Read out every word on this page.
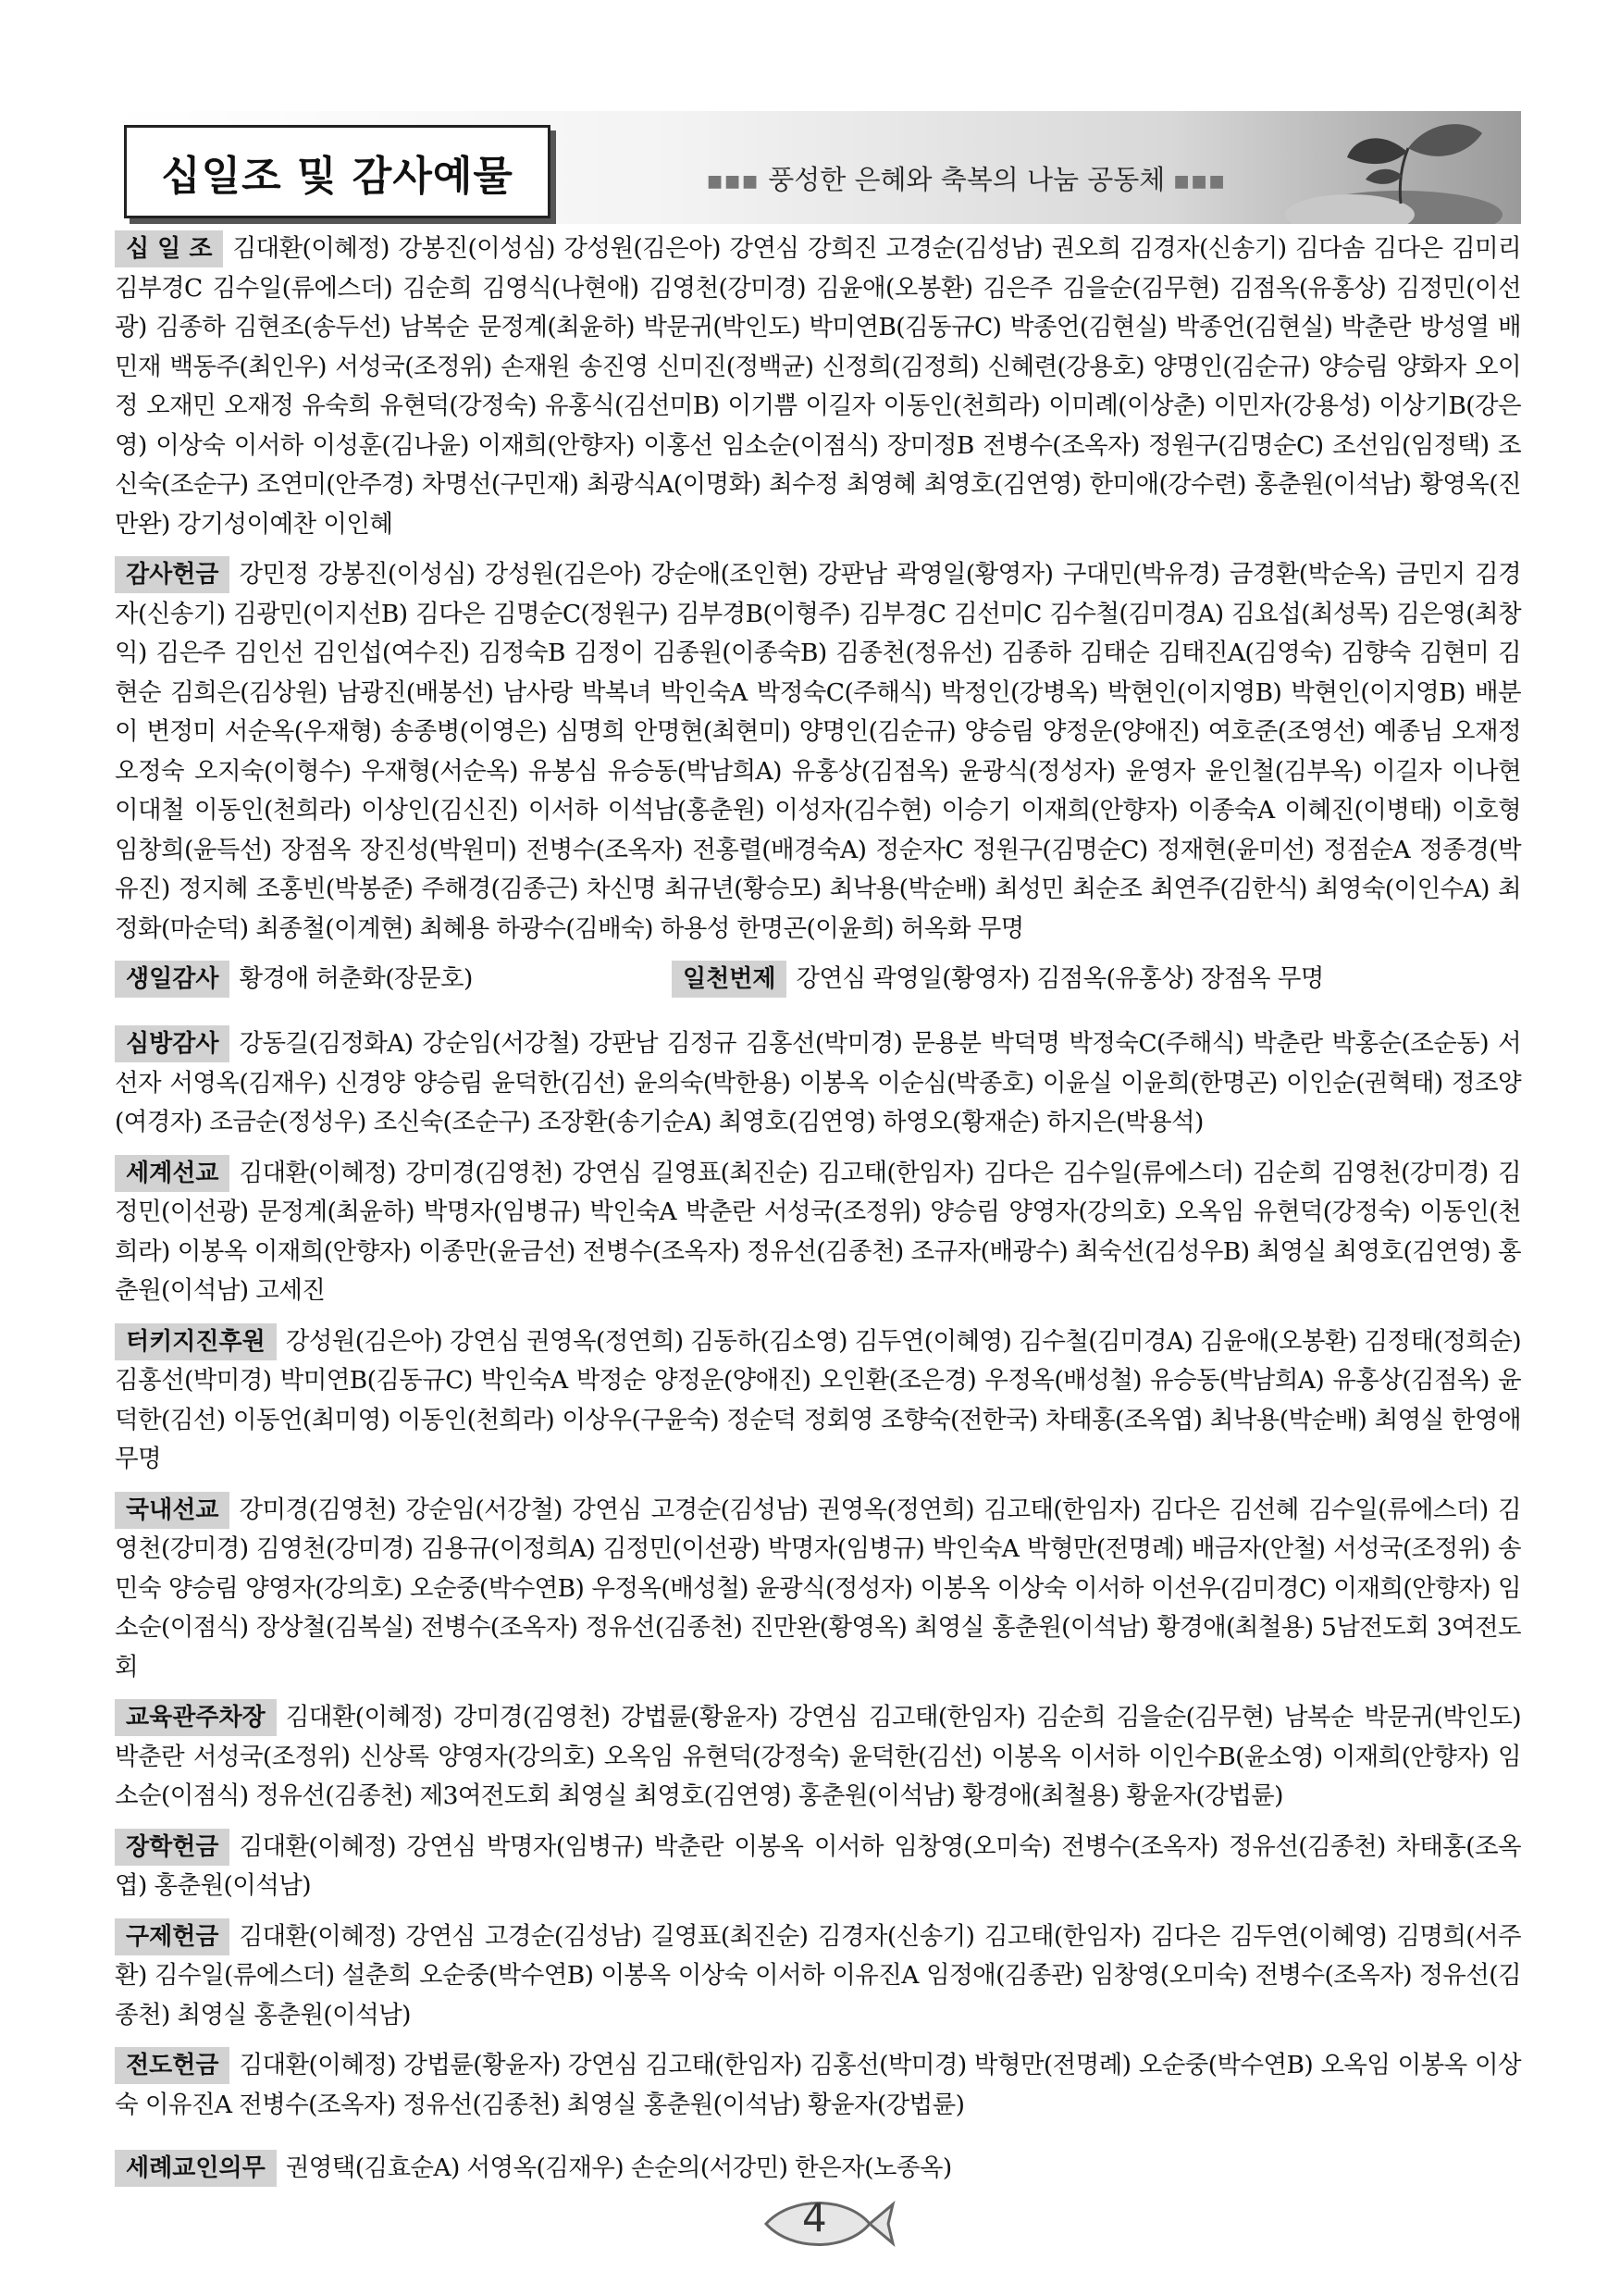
십일조 및 감사예물	■■■ 풍성한 은혜와 축복의 나눔 공동체 ■■■

십 일 조 김대환(이혜정) 강봉진(이성심) 강성원(김은아) 강연심 강희진 고경순(김성남) 권오희 김경자(신송기) 김다솜 김다은 김미리 김부경C 김수일(류에스더) 김순희 김영식(나현애) 김영천(강미경) 김윤애(오봉환) 김은주 김을순(김무현) 김점옥(유홍상) 김정민(이선광) 김종하 김현조(송두선) 남복순 문정계(최윤하) 박문귀(박인도) 박미연B(김동규C) 박종언(김현실) 박종언(김현실) 박춘란 방성열 배민재 백동주(최인우) 서성국(조정위) 손재원 송진영 신미진(정백균) 신정희(김정희) 신혜련(강용호) 양명인(김순규) 양승림 양화자 오이정 오재민 오재정 유숙희 유현덕(강정숙) 유홍식(김선미B) 이기쁨 이길자 이동인(천희라) 이미례(이상춘) 이민자(강용성) 이상기B(강은영) 이상숙 이서하 이성훈(김나윤) 이재희(안향자) 이홍선 임소순(이점식) 장미정B 전병수(조옥자) 정원구(김명순C) 조선임(임정택) 조신숙(조순구) 조연미(안주경) 차명선(구민재) 최광식A(이명화) 최수정 최영혜 최영호(김연영) 한미애(강수련) 홍춘원(이석남) 황영옥(진만완) 강기성이예찬 이인혜

감사헌금 강민정 강봉진(이성심) 강성원(김은아) 강순애(조인현) 강판남 곽영일(황영자) 구대민(박유경) 금경환(박순옥) 금민지 김경자(신송기) 김광민(이지선B) 김다은 김명순C(정원구) 김부경B(이형주) 김부경C 김선미C 김수철(김미경A) 김요섭(최성목) 김은영(최창익) 김은주 김인선 김인섭(여수진) 김정숙B 김정이 김종원(이종숙B) 김종천(정유선) 김종하 김태순 김태진A(김영숙) 김향숙 김현미 김현순 김희은(김상원) 남광진(배봉선) 남사랑 박복녀 박인숙A 박정숙C(주해식) 박정인(강병옥) 박현인(이지영B) 박현인(이지영B) 배분이 변정미 서순옥(우재형) 송종병(이영은) 심명희 안명현(최현미) 양명인(김순규) 양승림 양정운(양애진) 여호준(조영선) 예종님 오재정 오정숙 오지숙(이형수) 우재형(서순옥) 유봉심 유승동(박남희A) 유홍상(김점옥) 윤광식(정성자) 윤영자 윤인철(김부옥) 이길자 이나현 이대철 이동인(천희라) 이상인(김신진) 이서하 이석남(홍춘원) 이성자(김수현) 이승기 이재희(안향자) 이종숙A 이혜진(이병태) 이호형 임창희(윤득선) 장점옥 장진성(박원미) 전병수(조옥자) 전홍렬(배경숙A) 정순자C 정원구(김명순C) 정재현(윤미선) 정점순A 정종경(박유진) 정지혜 조홍빈(박봉준) 주해경(김종근) 차신명 최규년(황승모) 최낙용(박순배) 최성민 최순조 최연주(김한식) 최영숙(이인수A) 최정화(마순덕) 최종철(이계현) 최혜용 하광수(김배숙) 하용성 한명곤(이윤희) 허옥화 무명

생일감사 황경애 허춘화(장문호)	일천번제 강연심 곽영일(황영자) 김점옥(유홍상) 장점옥 무명

심방감사 강동길(김정화A) 강순임(서강철) 강판남 김정규 김홍선(박미경) 문용분 박덕명 박정숙C(주해식) 박춘란 박홍순(조순동) 서선자 서영옥(김재우) 신경양 양승림 윤덕한(김선) 윤의숙(박한용) 이봉옥 이순심(박종호) 이윤실 이윤희(한명곤) 이인순(권혁태) 정조양(여경자) 조금순(정성우) 조신숙(조순구) 조장환(송기순A) 최영호(김연영) 하영오(황재순) 하지은(박용석)

세계선교 김대환(이혜정) 강미경(김영천) 강연심 길영표(최진순) 김고태(한임자) 김다은 김수일(류에스더) 김순희 김영천(강미경) 김정민(이선광) 문정계(최윤하) 박명자(임병규) 박인숙A 박춘란 서성국(조정위) 양승림 양영자(강의호) 오옥임 유현덕(강정숙) 이동인(천희라) 이봉옥 이재희(안향자) 이종만(윤금선) 전병수(조옥자) 정유선(김종천) 조규자(배광수) 최숙선(김성우B) 최영실 최영호(김연영) 홍춘원(이석남) 고세진

터키지진후원 강성원(김은아) 강연심 권영옥(정연희) 김동하(김소영) 김두연(이혜영) 김수철(김미경A) 김윤애(오봉환) 김정태(정희순) 김홍선(박미경) 박미연B(김동규C) 박인숙A 박정순 양정운(양애진) 오인환(조은경) 우정옥(배성철) 유승동(박남희A) 유홍상(김점옥) 윤덕한(김선) 이동언(최미영) 이동인(천희라) 이상우(구윤숙) 정순덕 정회영 조향숙(전한국) 차태홍(조옥엽) 최낙용(박순배) 최영실 한영애 무명

국내선교 강미경(김영천) 강순임(서강철) 강연심 고경순(김성남) 권영옥(정연희) 김고태(한임자) 김다은 김선혜 김수일(류에스더) 김영천(강미경) 김영천(강미경) 김용규(이정희A) 김정민(이선광) 박명자(임병규) 박인숙A 박형만(전명례) 배금자(안철) 서성국(조정위) 송민숙 양승림 양영자(강의호) 오순중(박수연B) 우정옥(배성철) 윤광식(정성자) 이봉옥 이상숙 이서하 이선우(김미경C) 이재희(안향자) 임소순(이점식) 장상철(김복실) 전병수(조옥자) 정유선(김종천) 진만완(황영옥) 최영실 홍춘원(이석남) 황경애(최철용) 5남전도회 3여전도회

교육관주차장 김대환(이혜정) 강미경(김영천) 강법륜(황윤자) 강연심 김고태(한임자) 김순희 김을순(김무현) 남복순 박문귀(박인도) 박춘란 서성국(조정위) 신상록 양영자(강의호) 오옥임 유현덕(강정숙) 윤덕한(김선) 이봉옥 이서하 이인수B(윤소영) 이재희(안향자) 임소순(이점식) 정유선(김종천) 제3여전도회 최영실 최영호(김연영) 홍춘원(이석남) 황경애(최철용) 황윤자(강법륜)

장학헌금 김대환(이혜정) 강연심 박명자(임병규) 박춘란 이봉옥 이서하 임창영(오미숙) 전병수(조옥자) 정유선(김종천) 차태홍(조옥엽) 홍춘원(이석남)

구제헌금 김대환(이혜정) 강연심 고경순(김성남) 길영표(최진순) 김경자(신송기) 김고태(한임자) 김다은 김두연(이혜영) 김명희(서주환) 김수일(류에스더) 설춘희 오순중(박수연B) 이봉옥 이상숙 이서하 이유진A 임정애(김종관) 임창영(오미숙) 전병수(조옥자) 정유선(김종천) 최영실 홍춘원(이석남)

전도헌금 김대환(이혜정) 강법륜(황윤자) 강연심 김고태(한임자) 김홍선(박미경) 박형만(전명례) 오순중(박수연B) 오옥임 이봉옥 이상숙 이유진A 전병수(조옥자) 정유선(김종천) 최영실 홍춘원(이석남) 황윤자(강법륜)

세례교인의무 권영택(김효순A) 서영옥(김재우) 손순의(서강민) 한은자(노종옥)

4
